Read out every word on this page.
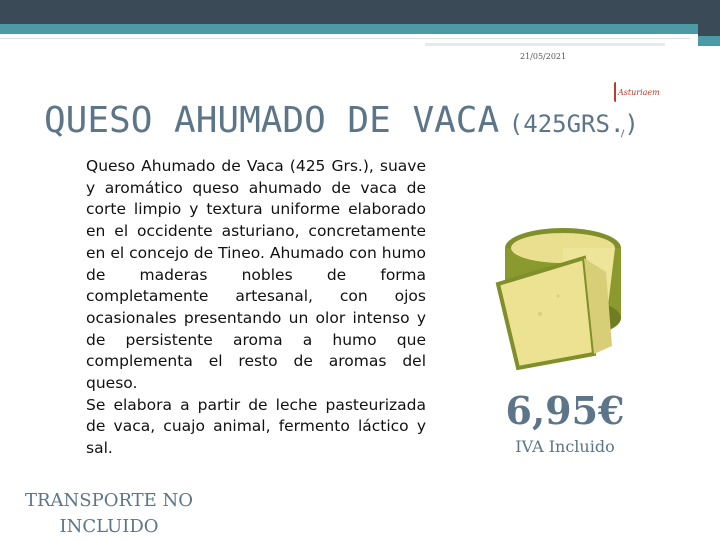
21/05/2021
QUESO AHUMADO DE VACA (425GRS.)
Asturiaem
Queso Ahumado de Vaca (425 Grs.), suave y aromático queso ahumado de vaca de corte limpio y textura uniforme elaborado en el occidente asturiano, concretamente en el concejo de Tineo. Ahumado con humo de maderas nobles de forma completamente artesanal, con ojos ocasionales presentando un olor intenso y de persistente aroma a humo que complementa el resto de aromas del queso.
Se elabora a partir de leche pasteurizada de vaca, cuajo animal, fermento láctico y sal.
TRANSPORTE NO INCLUIDO
6,95€
IVA Incluido
